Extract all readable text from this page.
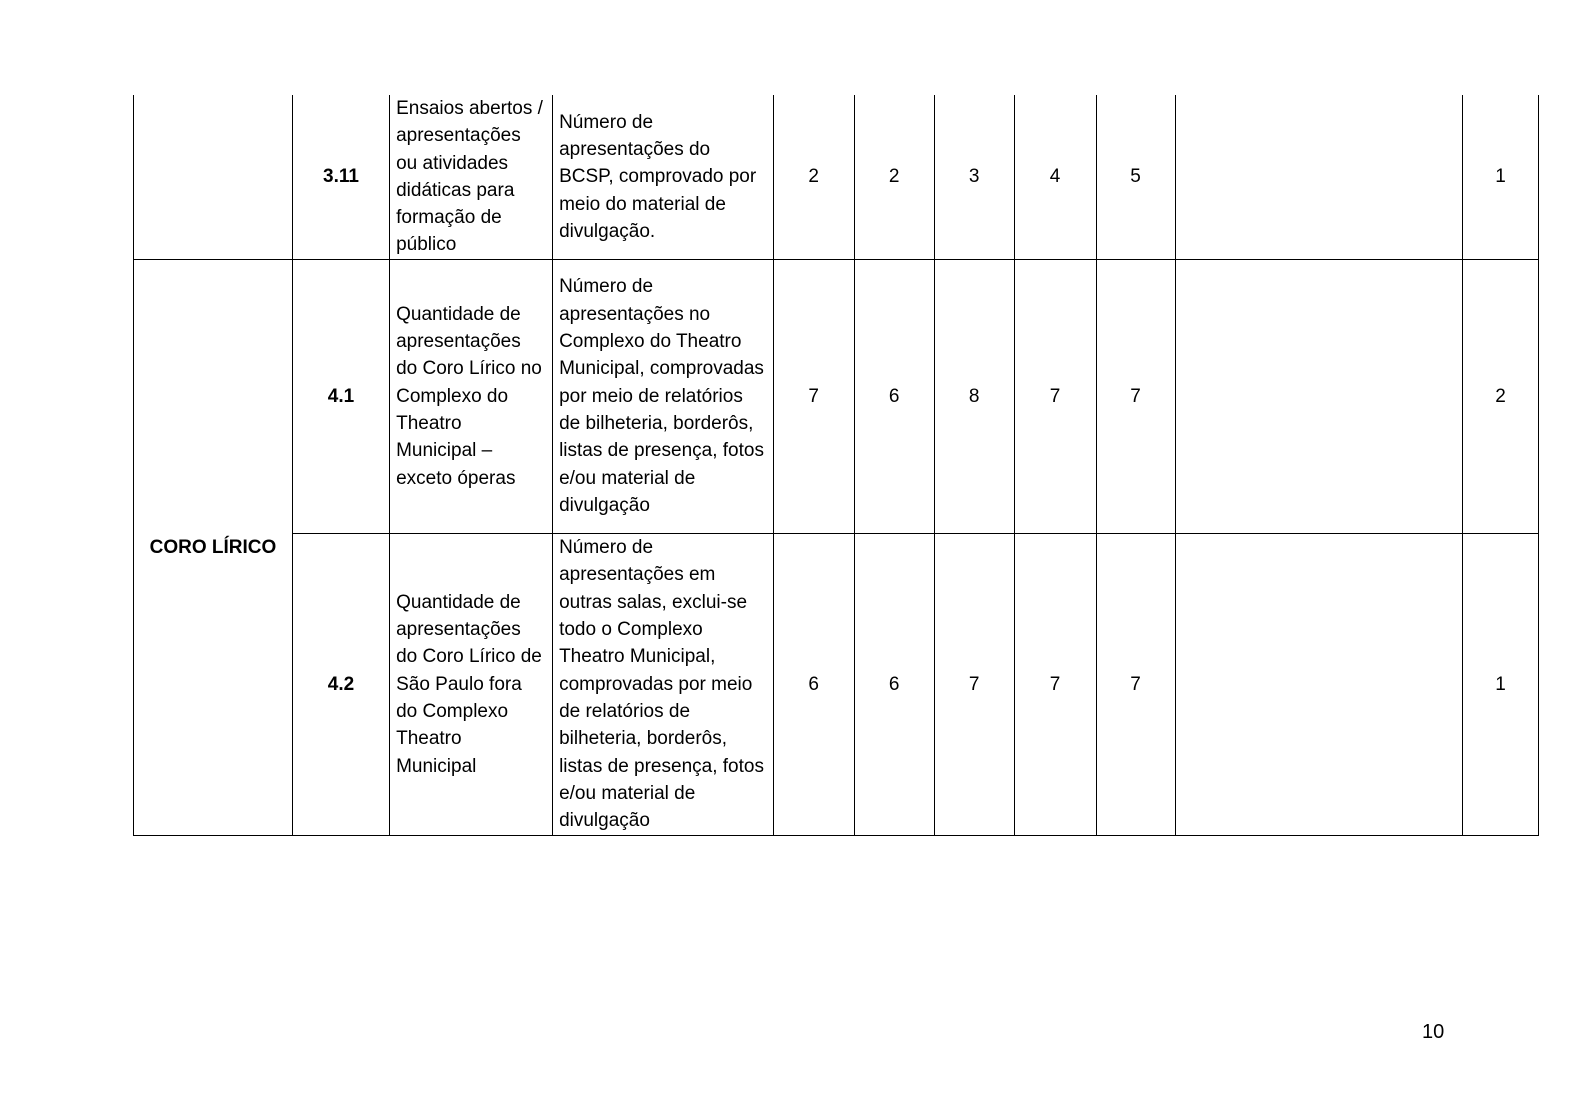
	3.11	Ensaios abertos / apresentações ou atividades didáticas para formação de público	Número de apresentações do BCSP, comprovado por meio do material de divulgação.	2	2	3	4	5		1
CORO LÍRICO	4.1	Quantidade de apresentações do Coro Lírico no Complexo do Theatro Municipal – exceto óperas	Número de apresentações no Complexo do Theatro Municipal, comprovadas por meio de relatórios de bilheteria, borderôs, listas de presença, fotos e/ou material de divulgação	7	6	8	7	7		2
	4.2	Quantidade de apresentações do Coro Lírico de São Paulo fora do Complexo Theatro Municipal	Número de apresentações em outras salas, exclui-se todo o Complexo Theatro Municipal, comprovadas por meio de relatórios de bilheteria, borderôs, listas de presença, fotos e/ou material de divulgação	6	6	7	7	7		1
10
